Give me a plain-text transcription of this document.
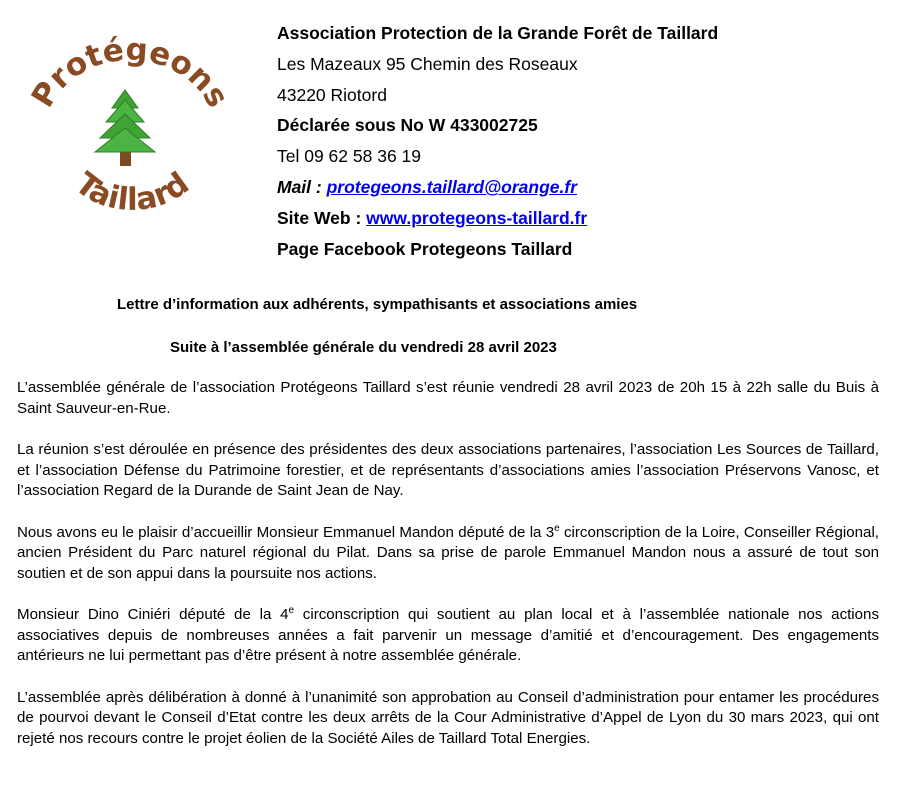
Protégeons
Taillard
Association Protection de la Grande Forêt de Taillard
Les Mazeaux 95 Chemin des Roseaux
43220 Riotord
Déclarée sous No W 433002725
Tel 09 62 58 36 19
Mail : protegeons.taillard@orange.fr
Site Web : www.protegeons-taillard.fr
Page Facebook Protegeons Taillard
Lettre d’information aux adhérents, sympathisants et associations amies
Suite à l’assemblée générale du vendredi 28 avril 2023

L’assemblée générale de l’association Protégeons Taillard s’est réunie vendredi 28 avril 2023 de 20h 15 à 22h salle du Buis à Saint Sauveur-en-Rue.

La réunion s’est déroulée en présence des présidentes des deux associations partenaires, l’association Les Sources de Taillard, et l’association Défense du Patrimoine forestier, et de représentants d’associations amies l’association Préservons Vanosc, et l’association Regard de la Durande de Saint Jean de Nay.

Nous avons eu le plaisir d’accueillir Monsieur Emmanuel Mandon député de la 3e circonscription de la Loire, Conseiller Régional, ancien Président du Parc naturel régional du Pilat. Dans sa prise de parole Emmanuel Mandon nous a assuré de tout son soutien et de son appui dans la poursuite nos actions.

Monsieur Dino Ciniéri député de la 4e circonscription qui soutient au plan local et à l’assemblée nationale nos actions associatives depuis de nombreuses années a fait parvenir un message d’amitié et d’encouragement. Des engagements antérieurs ne lui permettant pas d’être présent à notre assemblée générale.

L’assemblée après délibération à donné à l’unanimité son approbation au Conseil d’administration pour entamer les procédures de pourvoi devant le Conseil d’Etat contre les deux arrêts de la Cour Administrative d’Appel de Lyon du 30 mars 2023, qui ont rejeté nos recours contre le projet éolien de la Société Ailes de Taillard Total Energies.
